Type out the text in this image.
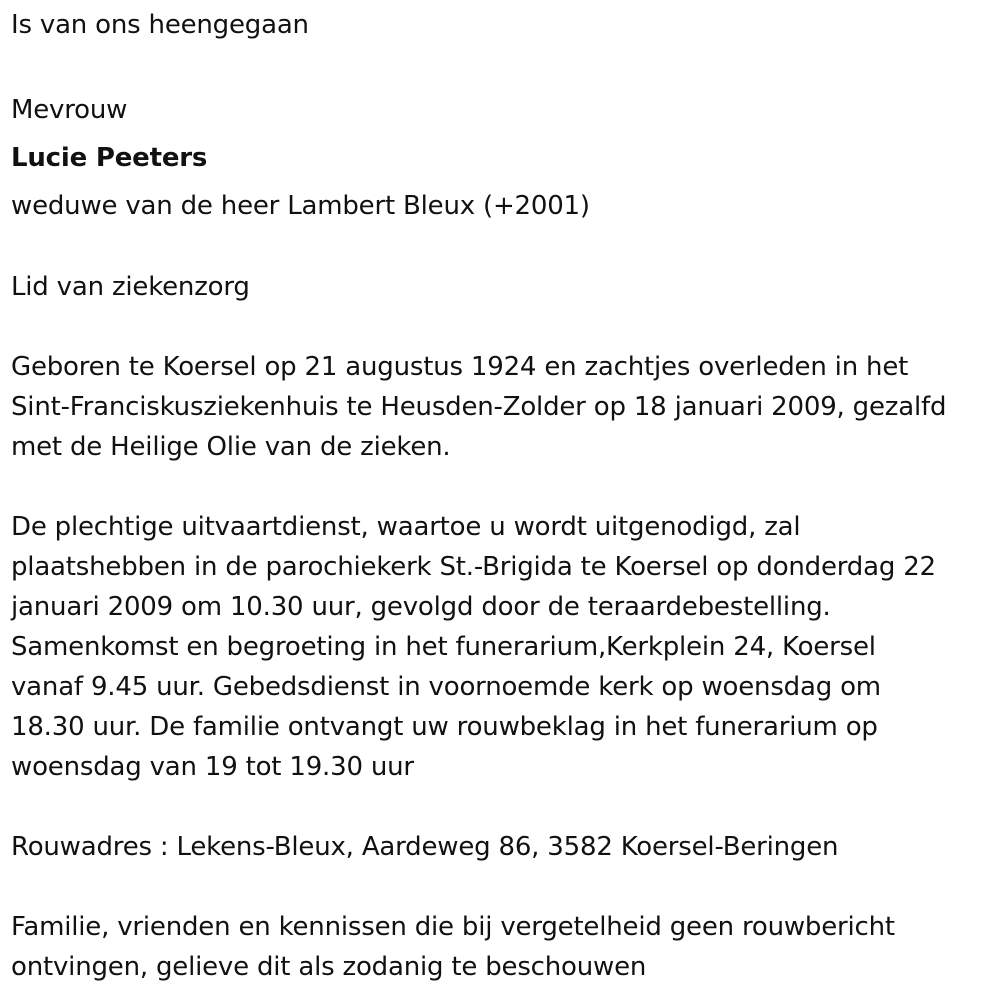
Is van ons heengegaan
Mevrouw
Lucie Peeters
weduwe van de heer Lambert Bleux (+2001)
Lid van ziekenzorg
Geboren te Koersel op 21 augustus 1924 en zachtjes overleden in het
Sint-Franciskusziekenhuis te Heusden-Zolder op 18 januari 2009, gezalfd
met de Heilige Olie van de zieken.
De plechtige uitvaartdienst, waartoe u wordt uitgenodigd, zal
plaatshebben in de parochiekerk St.-Brigida te Koersel op donderdag 22
januari 2009 om 10.30 uur, gevolgd door de teraardebestelling.
Samenkomst en begroeting in het funerarium,Kerkplein 24, Koersel
vanaf 9.45 uur. Gebedsdienst in voornoemde kerk op woensdag om
18.30 uur. De familie ontvangt uw rouwbeklag in het funerarium op
woensdag van 19 tot 19.30 uur
Rouwadres : Lekens-Bleux, Aardeweg 86, 3582 Koersel-Beringen
Familie, vrienden en kennissen die bij vergetelheid geen rouwbericht
ontvingen, gelieve dit als zodanig te beschouwen
